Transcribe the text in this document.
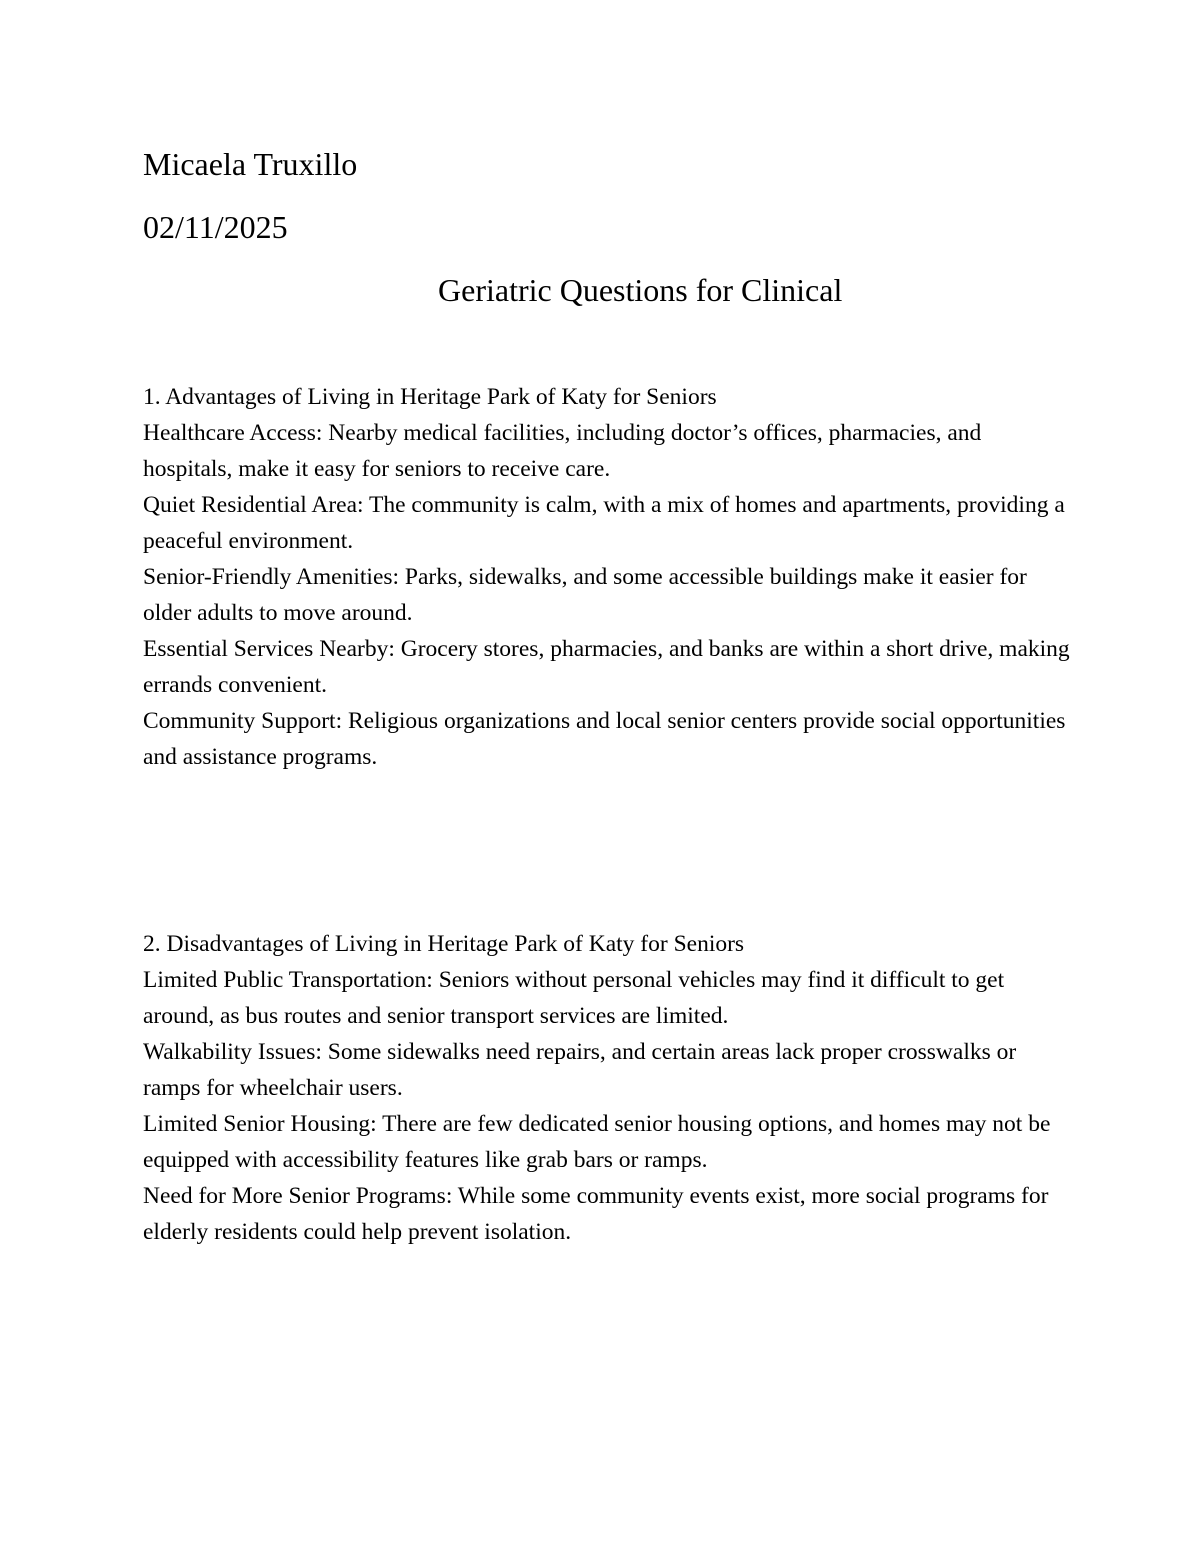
Micaela Truxillo
02/11/2025
Geriatric Questions for Clinical

1. Advantages of Living in Heritage Park of Katy for Seniors

Healthcare Access: Nearby medical facilities, including doctor’s offices, pharmacies, and hospitals, make it easy for seniors to receive care.

Quiet Residential Area: The community is calm, with a mix of homes and apartments, providing a peaceful environment.

Senior-Friendly Amenities: Parks, sidewalks, and some accessible buildings make it easier for older adults to move around.

Essential Services Nearby: Grocery stores, pharmacies, and banks are within a short drive, making errands convenient.

Community Support: Religious organizations and local senior centers provide social opportunities and assistance programs.

2. Disadvantages of Living in Heritage Park of Katy for Seniors

Limited Public Transportation: Seniors without personal vehicles may find it difficult to get around, as bus routes and senior transport services are limited.

Walkability Issues: Some sidewalks need repairs, and certain areas lack proper crosswalks or ramps for wheelchair users.

Limited Senior Housing: There are few dedicated senior housing options, and homes may not be equipped with accessibility features like grab bars or ramps.

Need for More Senior Programs: While some community events exist, more social programs for elderly residents could help prevent isolation.
